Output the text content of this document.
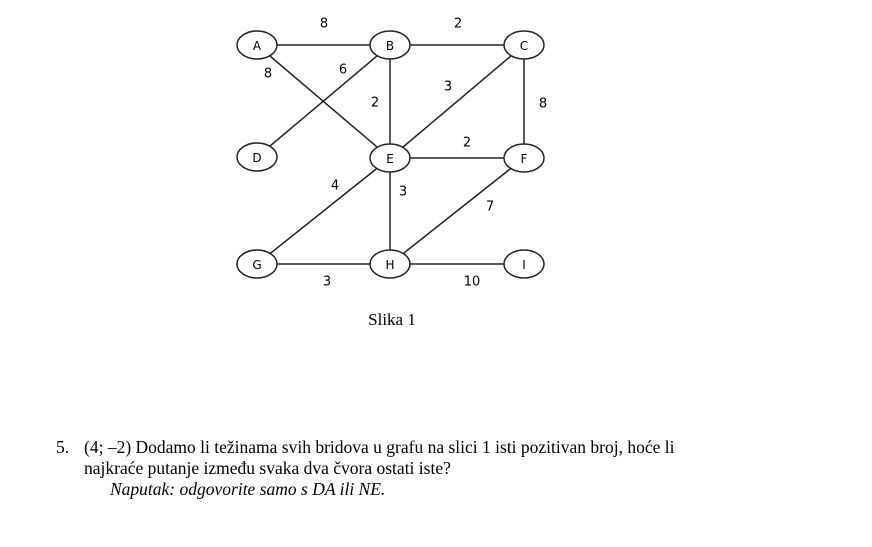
8	2
8	6
2
3
8
2
4	3
7
3	10
A	B	C
D	E	F
G	H	I
Slika 1
5. (4; –2) Dodamo li težinama svih bridova u grafu na slici 1 isti pozitivan broj, hoće li
najkraće putanje između svaka dva čvora ostati iste?
Naputak: odgovorite samo s DA ili NE.
